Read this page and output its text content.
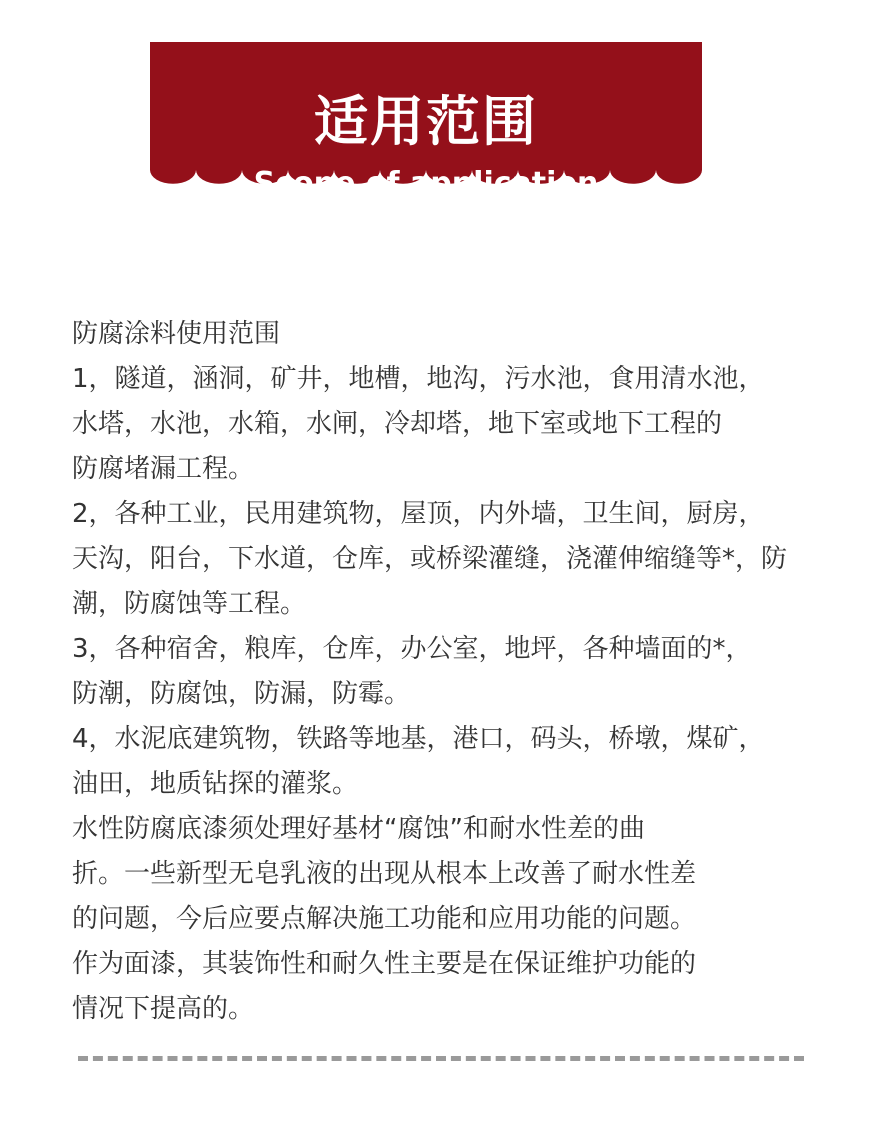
适用范围
Scope of application
防腐涂料使用范围
1，隧道，涵洞，矿井，地槽，地沟，污水池，食用清水池，
水塔，水池，水箱，水闸，冷却塔，地下室或地下工程的
防腐堵漏工程。
2，各种工业，民用建筑物，屋顶，内外墙，卫生间，厨房，
天沟，阳台，下水道，仓库，或桥梁灌缝，浇灌伸缩缝等*，防
潮，防腐蚀等工程。
3，各种宿舍，粮库，仓库，办公室，地坪，各种墙面的*，
防潮，防腐蚀，防漏，防霉。
4，水泥底建筑物，铁路等地基，港口，码头，桥墩，煤矿，
油田，地质钻探的灌浆。
水性防腐底漆须处理好基材“腐蚀”和耐水性差的曲
折。一些新型无皂乳液的出现从根本上改善了耐水性差
的问题，今后应要点解决施工功能和应用功能的问题。
作为面漆，其装饰性和耐久性主要是在保证维护功能的
情况下提高的。
